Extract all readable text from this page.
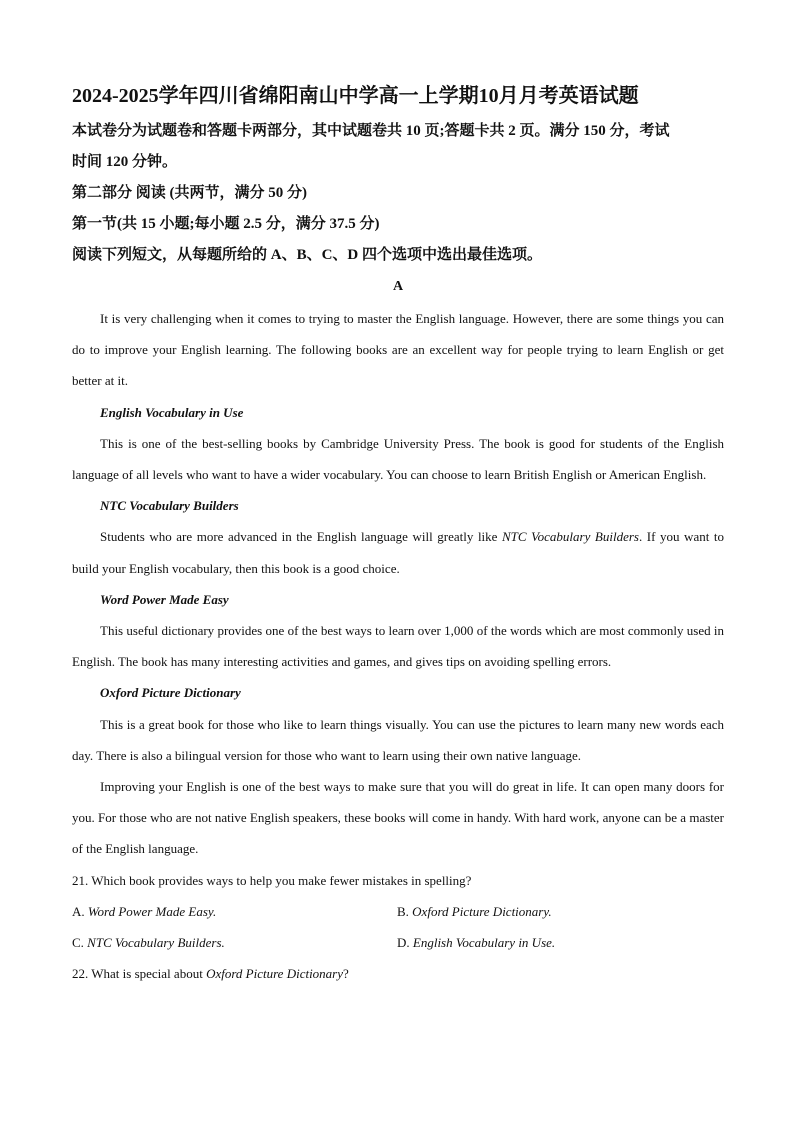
2024-2025学年四川省绵阳南山中学高一上学期10月月考英语试题
本试卷分为试题卷和答题卡两部分，其中试题卷共 10 页;答题卡共 2 页。满分 150 分，考试
时间 120 分钟。
第二部分 阅读 (共两节，满分 50 分)
第一节(共 15 小题;每小题 2.5 分，满分 37.5 分)
阅读下列短文，从每题所给的 A、B、C、D 四个选项中选出最佳选项。
A

It is very challenging when it comes to trying to master the English language. However, there are some things you can do to improve your English learning. The following books are an excellent way for people trying to learn English or get better at it.

English Vocabulary in Use

This is one of the best-selling books by Cambridge University Press. The book is good for students of the English language of all levels who want to have a wider vocabulary. You can choose to learn British English or American English.

NTC Vocabulary Builders

Students who are more advanced in the English language will greatly like NTC Vocabulary Builders. If you want to build your English vocabulary, then this book is a good choice.

Word Power Made Easy

This useful dictionary provides one of the best ways to learn over 1,000 of the words which are most commonly used in English. The book has many interesting activities and games, and gives tips on avoiding spelling errors.

Oxford Picture Dictionary

This is a great book for those who like to learn things visually. You can use the pictures to learn many new words each day. There is also a bilingual version for those who want to learn using their own native language.

Improving your English is one of the best ways to make sure that you will do great in life. It can open many doors for you. For those who are not native English speakers, these books will come in handy. With hard work, anyone can be a master of the English language.

21. Which book provides ways to help you make fewer mistakes in spelling?

A. Word Power Made Easy.	B. Oxford Picture Dictionary.
C. NTC Vocabulary Builders.	D. English Vocabulary in Use.

22. What is special about Oxford Picture Dictionary?
